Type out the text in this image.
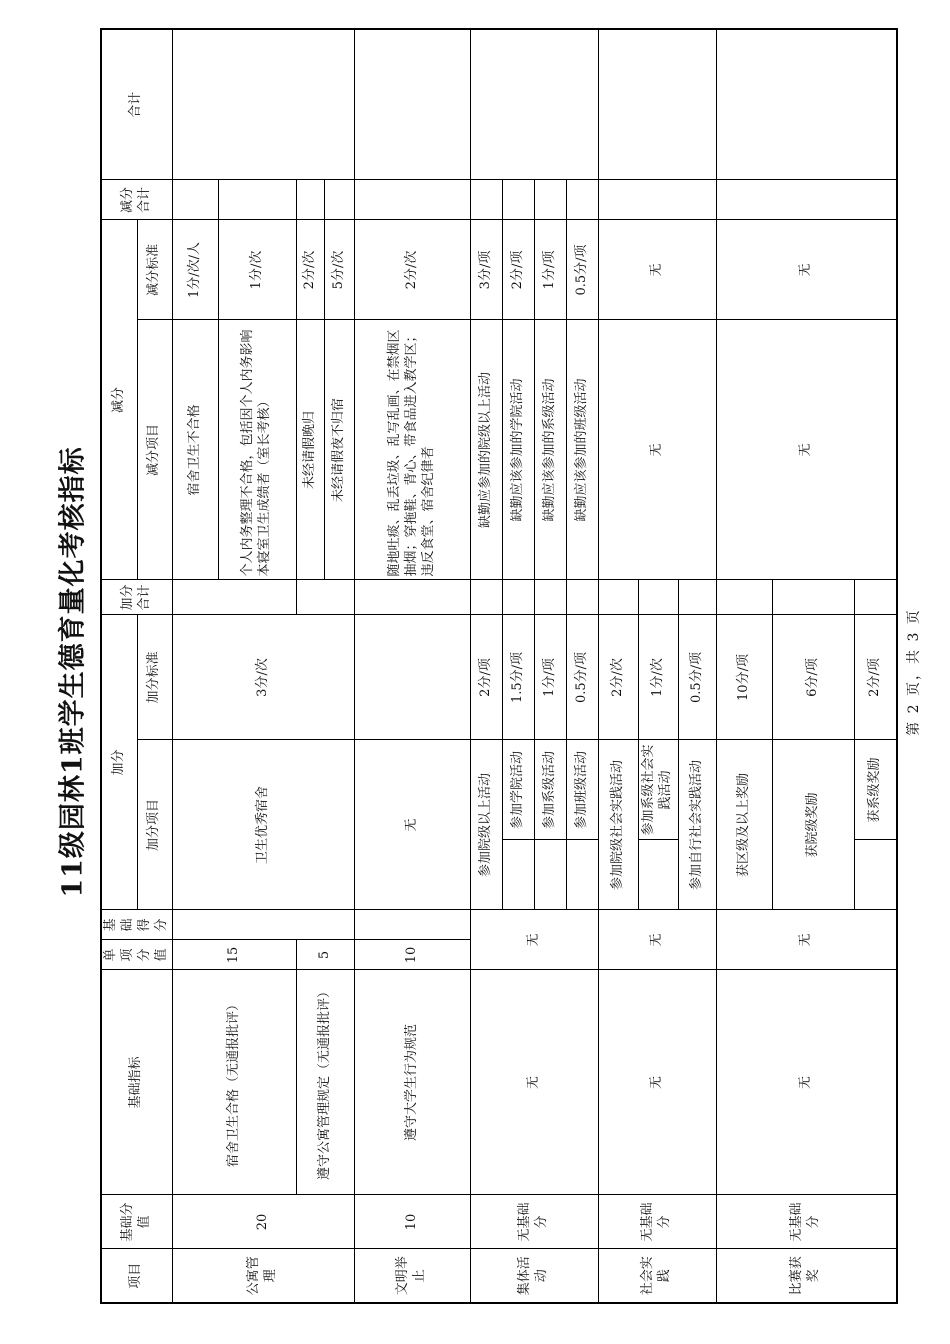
11级园林1班学生德育量化考核指标	第 2 页，共 3 页
项目	基础分值	基础指标	单项分值	基础得分	加分			加分合计	减分		减分合计	合计
					加分项目		加分标准		减分项目	减分标准		
公寓管理	20	宿舍卫生合格（无通报批评）	15		卫生优秀宿舍		3分/次		宿舍卫生不合格	1分/次/人		
									个人内务整理不合格，包括因个人内务影响本寝室卫生成绩者（室长考核）	1分/次		
		遵守公寓管理规定（无通报批评）	5						未经请假晚归	2分/次		
									未经请假夜不归宿	5分/次		
文明举止	10	遵守大学生行为规范	10		无				随地吐痰、乱丢垃圾、乱写乱画、在禁烟区抽烟；穿拖鞋、背心、带食品进入教学区；违反食堂、宿舍纪律者	2分/次		
集体活动	无基础分	无	无		参加院级以上活动		2分/项		缺勤应参加的院级以上活动	3分/项		
						参加学院活动	1.5分/项		缺勤应该参加的学院活动	2分/项		
						参加系级活动	1分/项		缺勤应该参加的系级活动	1分/项		
						参加班级活动	0.5分/项		缺勤应该参加的班级活动	0.5分/项		
社会实践	无基础分	无	无		参加院级社会实践活动		2分/次		无	无		
						参加系级社会实践活动	1分/次					
					参加自行社会实践活动		0.5分/项					
比赛获奖	无基础分	无	无		获区级及以上奖励		10分/项		无	无		
					获院级奖励		6分/项					
						获系级奖励	2分/项					
